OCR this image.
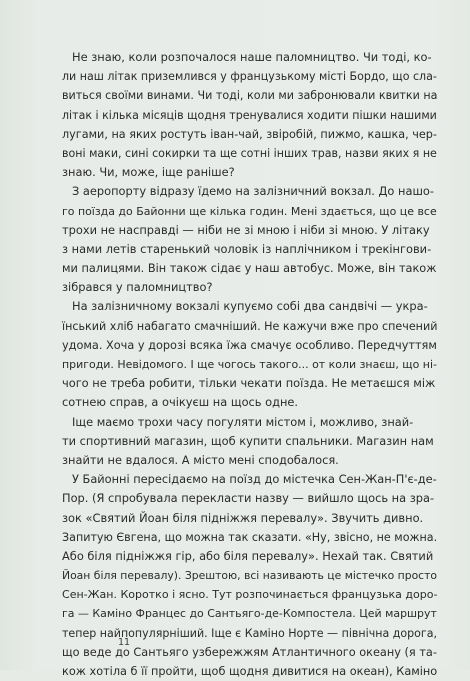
Не знаю, коли розпочалося наше паломництво. Чи тоді, ко-
ли наш літак приземлився у французькому місті Бордо, що сла-
виться своїми винами. Чи тоді, коли ми забронювали квитки на
літак і кілька місяців щодня тренувалися ходити пішки нашими
лугами, на яких ростуть іван-чай, звіробій, пижмо, кашка, чер-
воні маки, сині сокирки та ще сотні інших трав, назви яких я не
знаю. Чи, може, іще раніше?
З аеропорту відразу їдемо на залізничний вокзал. До нашо-
го поїзда до Байонни ще кілька годин. Мені здається, що це все
трохи не насправді — ніби не зі мною і ніби зі мною. У літаку
з нами летів старенький чоловік із наплічником і трекінгови-
ми палицями. Він також сідає у наш автобус. Може, він також
зібрався у паломництво?
На залізничному вокзалі купуємо собі два сандвічі — укра-
їнський хліб набагато смачніший. Не кажучи вже про спечений
удома. Хоча у дорозі всяка їжа смачує особливо. Передчуттям
пригоди. Невідомого. І ще чогось такого... от коли знаєш, що ні-
чого не треба робити, тільки чекати поїзда. Не метаєшся між
сотнею справ, а очікуєш на щось одне.
Іще маємо трохи часу погуляти містом і, можливо, знай-
ти спортивний магазин, щоб купити спальники. Магазин нам
знайти не вдалося. А місто мені сподобалося.
У Байонні пересідаємо на поїзд до містечка Сен-Жан-П'є-де-
Пор. (Я спробувала перекласти назву — вийшло щось на зра-
зок «Святий Йоан біля підніжжя перевалу». Звучить дивно.
Запитую Євгена, що можна так сказати. «Ну, звісно, не можна.
Або біля підніжжя гір, або біля перевалу». Нехай так. Святий
Йоан біля перевалу). Зрештою, всі називають це містечко просто
Сен-Жан. Коротко і ясно. Тут розпочинається французька доро-
га — Каміно Францес до Сантьяго-де-Компостела. Цей маршрут
тепер найпопулярніший. Іще є Каміно Норте — північна дорога,
що веде до Сантьяго узбережжям Атлантичного океану (я та-
кож хотіла б її пройти, щоб щодня дивитися на океан), Каміно
11
